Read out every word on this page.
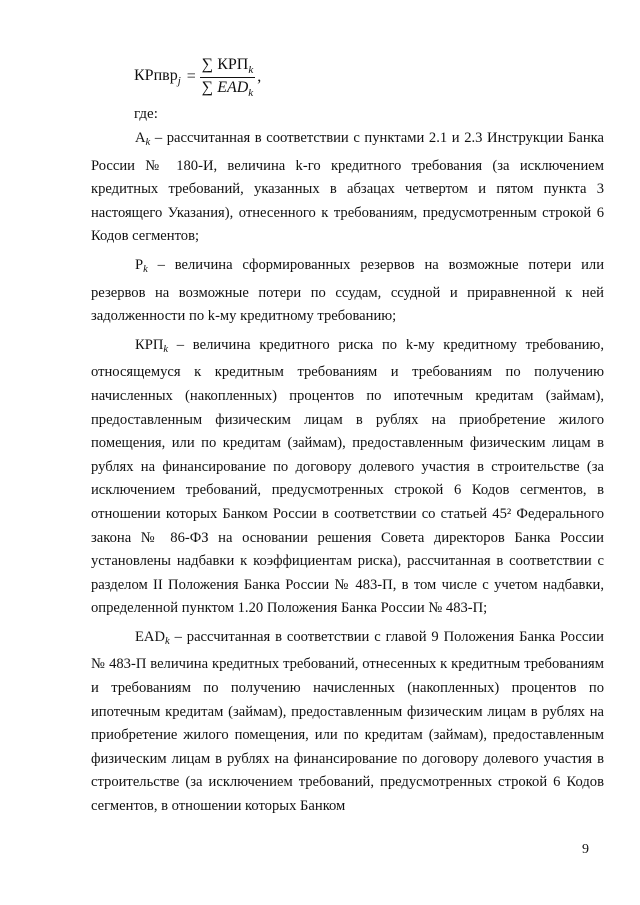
КРпвр$_j$ = $\frac{\sum КРП_k}{\sum EAD_k}$ ,
где:

$А_k$ – рассчитанная в соответствии с пунктами 2.1 и 2.3 Инструкции Банка России № 180-И, величина k-го кредитного требования (за исключением кредитных требований, указанных в абзацах четвертом и пятом пункта 3 настоящего Указания), отнесенного к требованиям, предусмотренным строкой 6 Кодов сегментов;

$Р_k$ – величина сформированных резервов на возможные потери или резервов на возможные потери по ссудам, ссудной и приравненной к ней задолженности по k-му кредитному требованию;

$КРП_k$ – величина кредитного риска по k-му кредитному требованию, относящемуся к кредитным требованиям и требованиям по получению начисленных (накопленных) процентов по ипотечным кредитам (займам), предоставленным физическим лицам в рублях на приобретение жилого помещения, или по кредитам (займам), предоставленным физическим лицам в рублях на финансирование по договору долевого участия в строительстве (за исключением требований, предусмотренных строкой 6 Кодов сегментов, в отношении которых Банком России в соответствии со статьей 45² Федерального закона № 86-ФЗ на основании решения Совета директоров Банка России установлены надбавки к коэффициентам риска), рассчитанная в соответствии с разделом II Положения Банка России № 483-П, в том числе с учетом надбавки, определенной пунктом 1.20 Положения Банка России № 483-П;

$EAD_k$ – рассчитанная в соответствии с главой 9 Положения Банка России № 483-П величина кредитных требований, отнесенных к кредитным требованиям и требованиям по получению начисленных (накопленных) процентов по ипотечным кредитам (займам), предоставленным физическим лицам в рублях на приобретение жилого помещения, или по кредитам (займам), предоставленным физическим лицам в рублях на финансирование по договору долевого участия в строительстве (за исключением требований, предусмотренных строкой 6 Кодов сегментов, в отношении которых Банком

9
